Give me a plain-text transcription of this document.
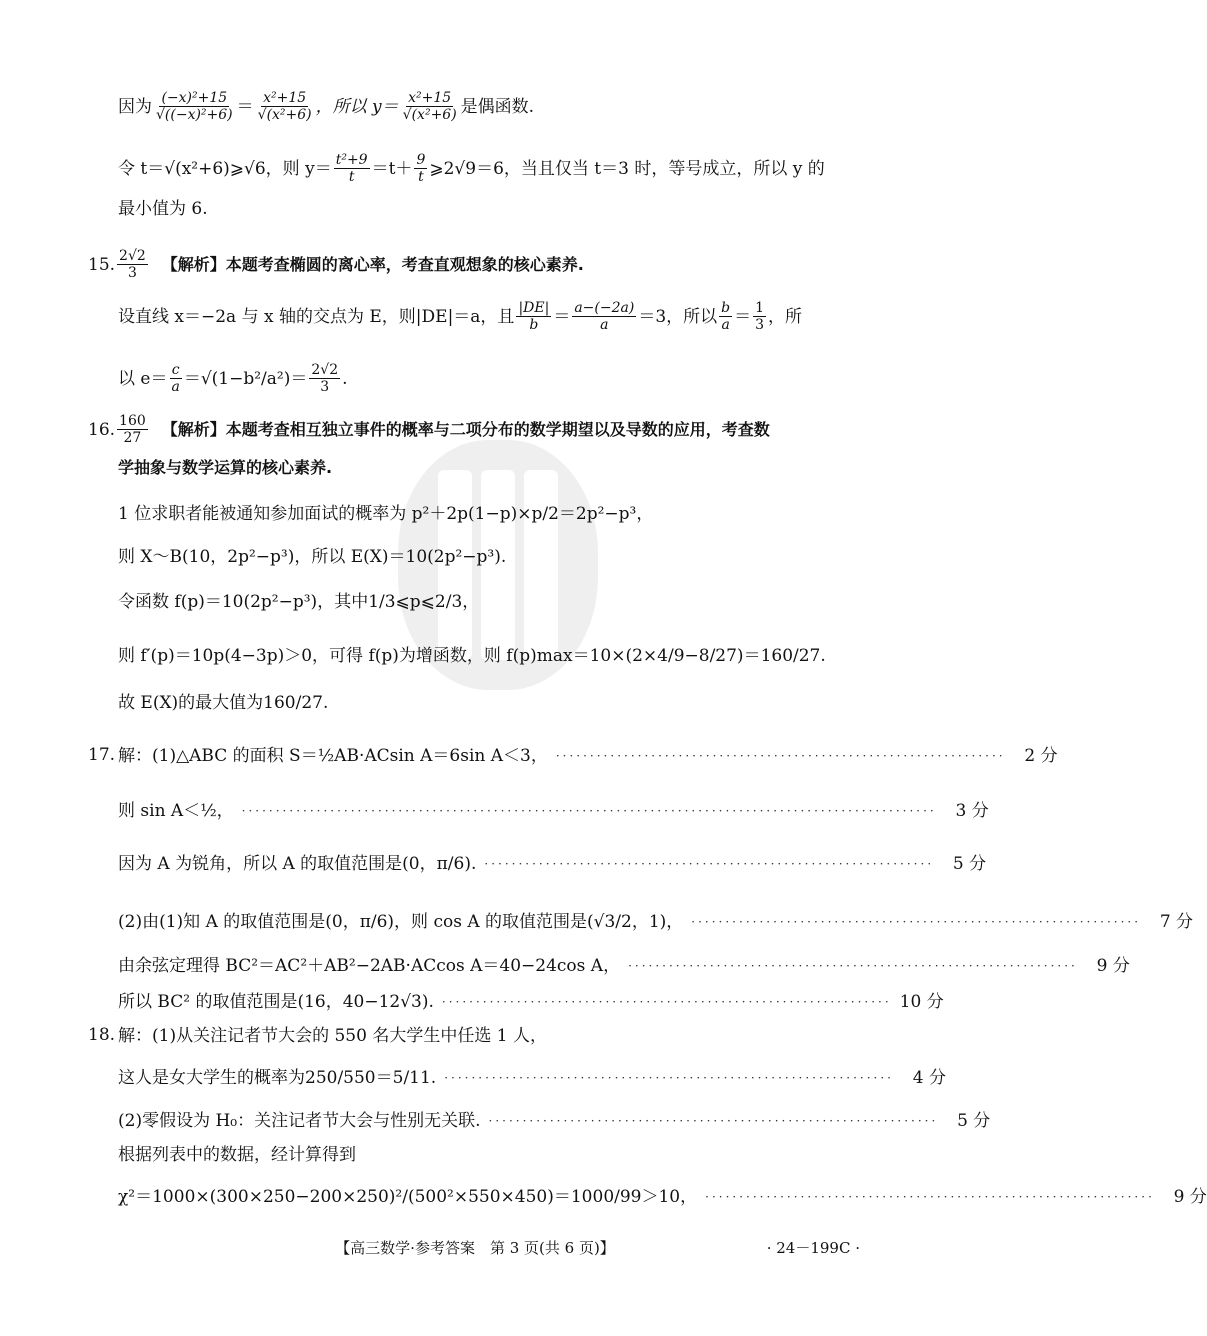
因为 $\frac{\text{(−x)²+15}}{\text{√((−x)²+6)}} = \frac{\text{x²+15}}{\text{√(x²+6)}}$ ，所以 $y= \frac{\text{x²+15}}{\text{√(x²+6)}}$ 是偶函数.
令 t＝√(x²+6)⩾√6，则 $y= \frac{\text{t²+9}}{t} =t+ \frac{9}{t}$ ⩾2√9＝6，当且仅当 t＝3 时，等号成立，所以 y 的
最小值为 6.
15. $\frac{2√2}{3}$ 【解析】本题考查椭圆的离心率，考查直观想象的核心素养.
设直线 x＝−2a 与 x 轴的交点为 E，则|DE|＝a，且 $\frac{|DE|}{b} = \frac{a-(-2a)}{a} =3$，所以 $\frac{b}{a} = \frac{1}{3}$ ，所
以 $e= \frac{c}{a} =√(1-b^2/a^2)= \frac{2√2}{3}$ .
16. $\frac{160}{27}$ 【解析】本题考查相互独立事件的概率与二项分布的数学期望以及导数的应用，考查数
学抽象与数学运算的核心素养.
1 位求职者能被通知参加面试的概率为 p²＋2p(1−p)×p/2＝2p²−p³，
则 X～B(10，2p²−p³)，所以 E(X)＝10(2p²−p³).
令函数 f(p)＝10(2p²−p³)，其中1/3⩽p⩽2/3，
则 f′(p)＝10p(4−3p)＞0，可得 f(p)为增函数，则 f(p)max＝10×(2×4/9−8/27)＝160/27.
故 E(X)的最大值为160/27.
17. 解：(1)△ABC 的面积 S＝½AB·ACsin A＝6sin A＜3， ··································································	2 分
则 sin A＜½， ······································································································	3 分
因为 A 为锐角，所以 A 的取值范围是(0，π/6). ··································································	5 分
(2)由(1)知 A 的取值范围是(0，π/6)，则 cos A 的取值范围是(√3/2，1)， ··································································	7 分
由余弦定理得 BC²＝AC²＋AB²−2AB·ACcos A＝40−24cos A， ··································································	9 分
所以 BC² 的取值范围是(16，40−12√3). ·································································· 10 分
18. 解：(1)从关注记者节大会的 550 名大学生中任选 1 人，
这人是女大学生的概率为250/550＝5/11. ··································································	4 分
(2)零假设为 H₀：关注记者节大会与性别无关联. ··································································	5 分
根据列表中的数据，经计算得到
χ²＝1000×(300×250−200×250)²/(500²×550×450)＝1000/99＞10， ··································································	9 分
【高三数学·参考答案　第 3 页(共 6 页)】	· 24－199C ·
